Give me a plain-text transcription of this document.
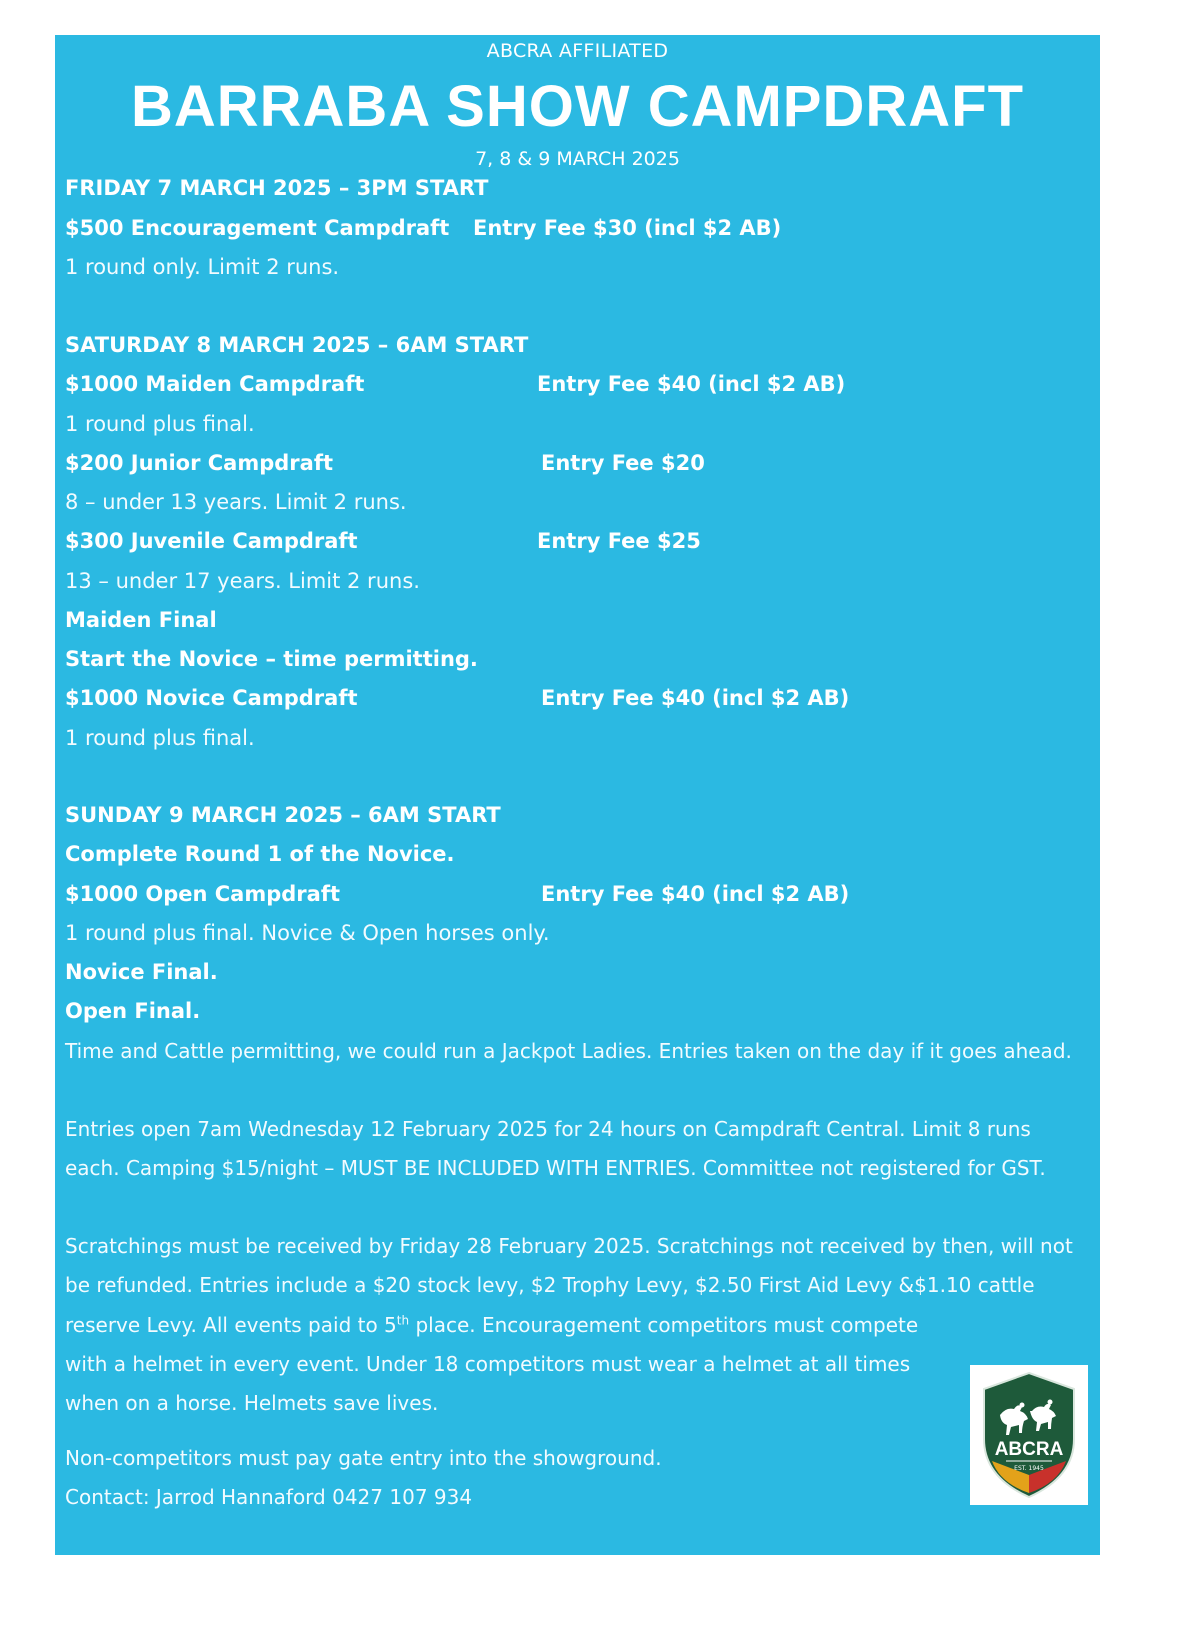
ABCRA AFFILIATED
BARRABA SHOW CAMPDRAFT
7, 8 & 9 MARCH 2025
FRIDAY 7 MARCH 2025 – 3PM START
$500 Encouragement Campdraft Entry Fee $30 (incl $2 AB)
1 round only. Limit 2 runs.
SATURDAY 8 MARCH 2025 – 6AM START
$1000 Maiden Campdraft	Entry Fee $40 (incl $2 AB)
1 round plus final.
$200 Junior Campdraft	Entry Fee $20
8 – under 13 years. Limit 2 runs.
$300 Juvenile Campdraft	Entry Fee $25
13 – under 17 years. Limit 2 runs.
Maiden Final
Start the Novice – time permitting.
$1000 Novice Campdraft	Entry Fee $40 (incl $2 AB)
1 round plus final.
SUNDAY 9 MARCH 2025 – 6AM START
Complete Round 1 of the Novice.
$1000 Open Campdraft	Entry Fee $40 (incl $2 AB)
1 round plus final. Novice & Open horses only.
Novice Final.
Open Final.
Time and Cattle permitting, we could run a Jackpot Ladies. Entries taken on the day if it goes ahead.
Entries open 7am Wednesday 12 February 2025 for 24 hours on Campdraft Central. Limit 8 runs
each. Camping $15/night – MUST BE INCLUDED WITH ENTRIES. Committee not registered for GST.
Scratchings must be received by Friday 28 February 2025. Scratchings not received by then, will not
be refunded. Entries include a $20 stock levy, $2 Trophy Levy, $2.50 First Aid Levy &$1.10 cattle
reserve Levy. All events paid to 5th place. Encouragement competitors must compete
with a helmet in every event. Under 18 competitors must wear a helmet at all times
when on a horse. Helmets save lives.
Non-competitors must pay gate entry into the showground.
Contact: Jarrod Hannaford 0427 107 934
ABCRA
EST. 1945
